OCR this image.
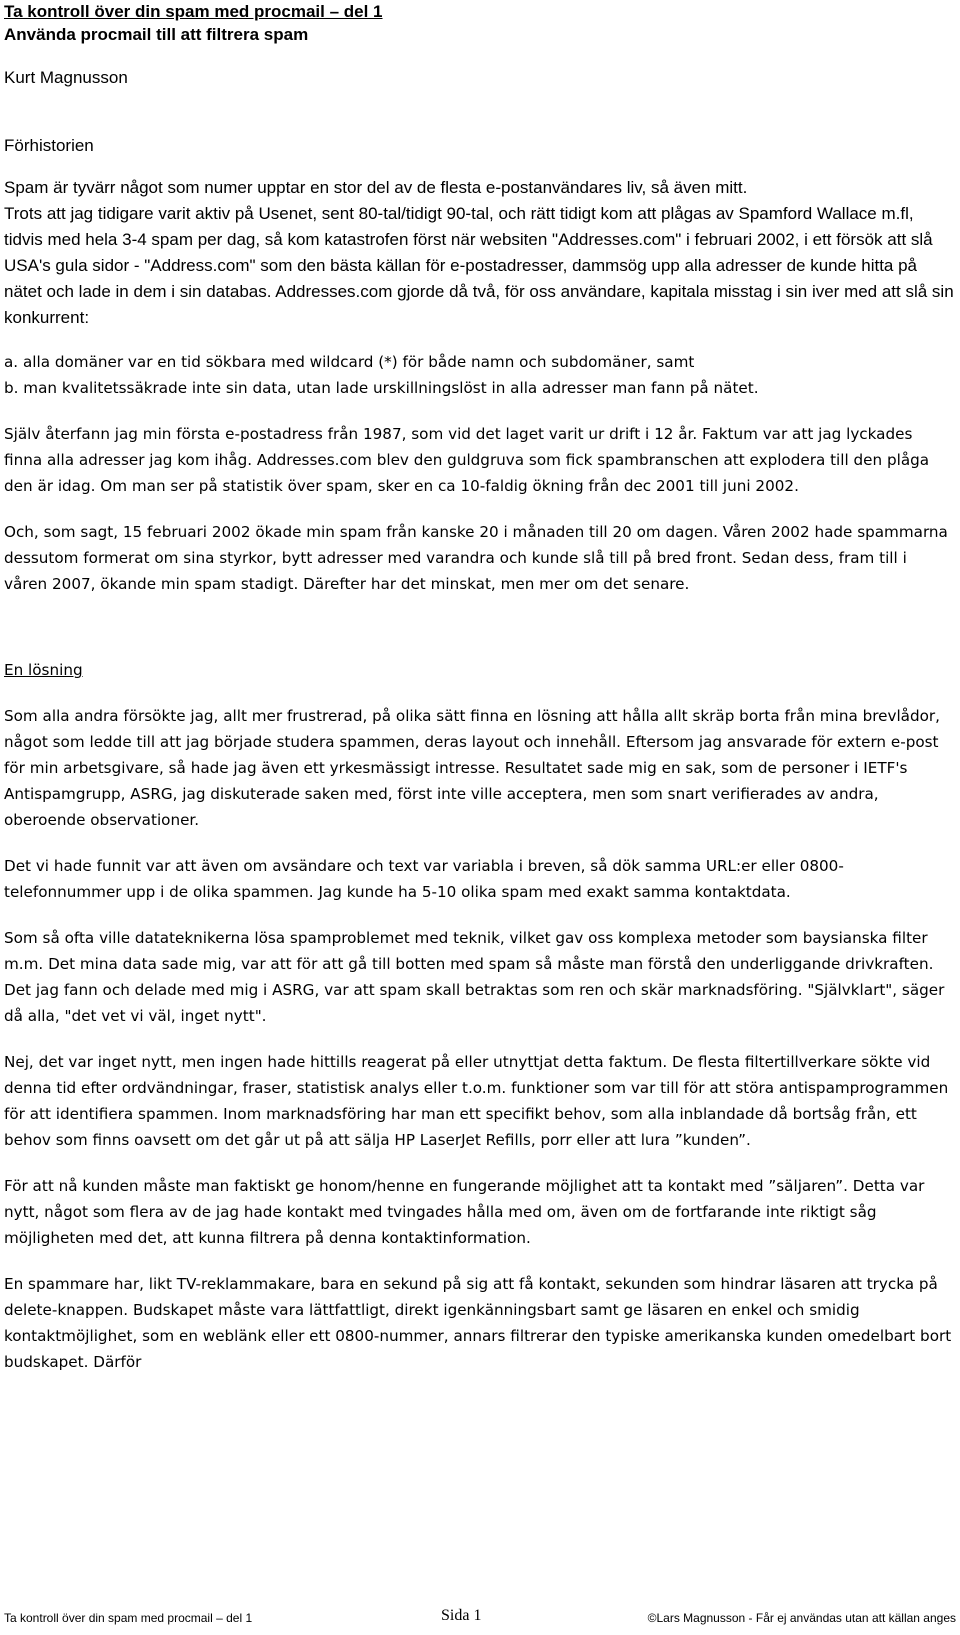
Ta kontroll över din spam med procmail – del 1
Använda procmail till att filtrera spam

Kurt Magnusson

Förhistorien

Spam är tyvärr något som numer upptar en stor del av de flesta e-postanvändares liv, så även mitt.

Trots att jag tidigare varit aktiv på Usenet, sent 80-tal/tidigt 90-tal, och rätt tidigt kom att plågas av Spamford Wallace m.fl, tidvis med hela 3-4 spam per dag, så kom katastrofen först när websiten "Addresses.com" i februari 2002, i ett försök att slå USA's gula sidor - "Address.com" som den bästa källan för e-postadresser, dammsög upp alla adresser de kunde hitta på nätet och lade in dem i sin databas. Addresses.com gjorde då två, för oss användare, kapitala misstag i sin iver med att slå sin konkurrent:

a. alla domäner var en tid sökbara med wildcard (*) för både namn och subdomäner, samt

b. man kvalitetssäkrade inte sin data, utan lade urskillningslöst in alla adresser man fann på nätet.

Själv återfann jag min första e-postadress från 1987, som vid det laget varit ur drift i 12 år. Faktum var att jag lyckades finna alla adresser jag kom ihåg. Addresses.com blev den guldgruva som fick spambranschen att explodera till den plåga den är idag. Om man ser på statistik över spam, sker en ca 10-faldig ökning från dec 2001 till juni 2002.

Och, som sagt, 15 februari 2002 ökade min spam från kanske 20 i månaden till 20 om dagen. Våren 2002 hade spammarna dessutom formerat om sina styrkor, bytt adresser med varandra och kunde slå till på bred front. Sedan dess, fram till i våren 2007, ökande min spam stadigt. Därefter har det minskat, men mer om det senare.

En lösning

Som alla andra försökte jag, allt mer frustrerad, på olika sätt finna en lösning att hålla allt skräp borta från mina brevlådor, något som ledde till att jag började studera spammen, deras layout och innehåll. Eftersom jag ansvarade för extern e-post för min arbetsgivare, så hade jag även ett yrkesmässigt intresse. Resultatet sade mig en sak, som de personer i IETF's Antispamgrupp, ASRG, jag diskuterade saken med, först inte ville acceptera, men som snart verifierades av andra, oberoende observationer.

Det vi hade funnit var att även om avsändare och text var variabla i breven, så dök samma URL:er eller 0800-telefonnummer upp i de olika spammen. Jag kunde ha 5-10 olika spam med exakt samma kontaktdata.

Som så ofta ville datateknikerna lösa spamproblemet med teknik, vilket gav oss komplexa metoder som baysianska filter m.m. Det mina data sade mig, var att för att gå till botten med spam så måste man förstå den underliggande drivkraften. Det jag fann och delade med mig i ASRG, var att spam skall betraktas som ren och skär marknadsföring. "Självklart", säger då alla, "det vet vi väl, inget nytt".

Nej, det var inget nytt, men ingen hade hittills reagerat på eller utnyttjat detta faktum. De flesta filtertillverkare sökte vid denna tid efter ordvändningar, fraser, statistisk analys eller t.o.m. funktioner som var till för att störa antispamprogrammen för att identifiera spammen. Inom marknadsföring har man ett specifikt behov, som alla inblandade då bortsåg från, ett behov som finns oavsett om det går ut på att sälja HP LaserJet Refills, porr eller att lura ”kunden”.

För att nå kunden måste man faktiskt ge honom/henne en fungerande möjlighet att ta kontakt med ”säljaren”. Detta var nytt, något som flera av de jag hade kontakt med tvingades hålla med om, även om de fortfarande inte riktigt såg möjligheten med det, att kunna filtrera på denna kontaktinformation.

En spammare har, likt TV-reklammakare, bara en sekund på sig att få kontakt, sekunden som hindrar läsaren att trycka på delete-knappen. Budskapet måste vara lättfattligt, direkt igenkänningsbart samt ge läsaren en enkel och smidig kontaktmöjlighet, som en weblänk eller ett 0800-nummer, annars filtrerar den typiske amerikanska kunden omedelbart bort budskapet. Därför

Ta kontroll över din spam med procmail – del 1	Sida 1	©Lars Magnusson - Får ej användas utan att källan anges
